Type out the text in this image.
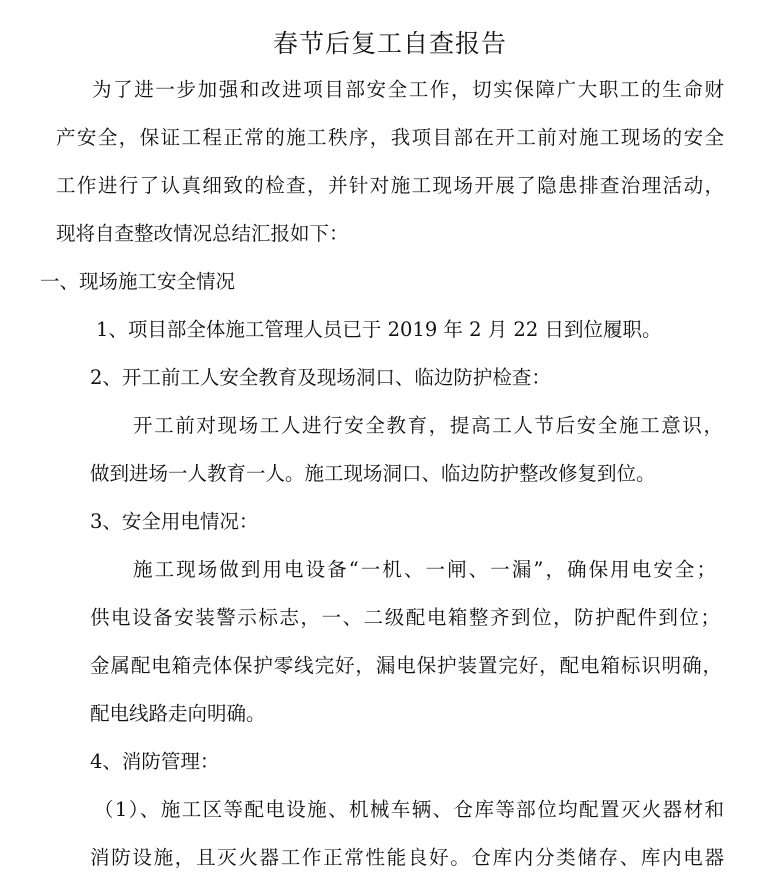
春节后复工自查报告
为了进一步加强和改进项目部安全工作，切实保障广大职工的生命财
产安全，保证工程正常的施工秩序，我项目部在开工前对施工现场的安全
工作进行了认真细致的检查，并针对施工现场开展了隐患排查治理活动，
现将自查整改情况总结汇报如下：
一、现场施工安全情况
1、项目部全体施工管理人员已于 2019 年 2 月 22 日到位履职。
2、开工前工人安全教育及现场洞口、临边防护检查：
开工前对现场工人进行安全教育，提高工人节后安全施工意识，
做到进场一人教育一人。施工现场洞口、临边防护整改修复到位。
3、安全用电情况：
施工现场做到用电设备“一机、一闸、一漏”，确保用电安全；
供电设备安装警示标志，一、二级配电箱整齐到位，防护配件到位；
金属配电箱壳体保护零线完好，漏电保护装置完好，配电箱标识明确，
配电线路走向明确。
4、消防管理：
（1）、施工区等配电设施、机械车辆、仓库等部位均配置灭火器材和
消防设施，且灭火器工作正常性能良好。仓库内分类储存、库内电器
